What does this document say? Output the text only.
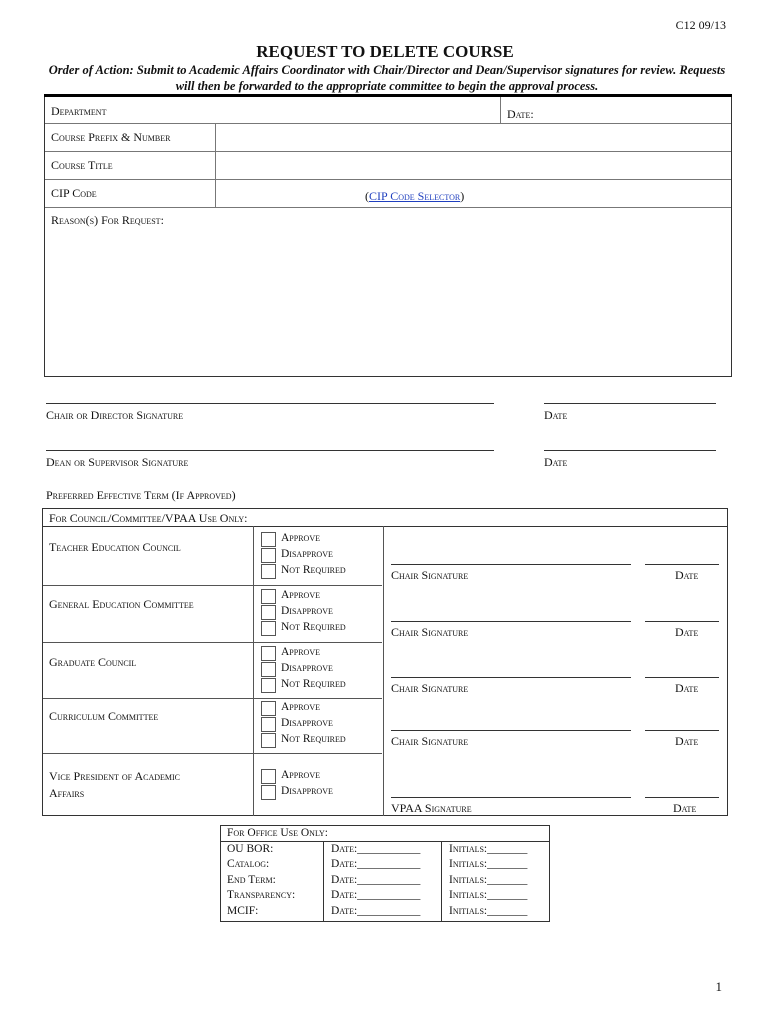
C12 09/13
REQUEST TO DELETE COURSE
Order of Action: Submit to Academic Affairs Coordinator with Chair/Director and Dean/Supervisor signatures for review. Requests will then be forwarded to the appropriate committee to begin the approval process.
Department	Date:
Course Prefix & Number
Course Title
CIP Code	(CIP Code Selector)
Reason(s) For Request:
Chair or Director Signature	Date
Dean or Supervisor Signature	Date
Preferred Effective Term (If Approved)
For Council/Committee/VPAA Use Only:
Teacher Education Council
Approve
Disapprove
Not Required	Chair Signature	Date
General Education Committee
Approve
Disapprove
Not Required	Chair Signature	Date
Graduate Council
Approve
Disapprove
Not Required	Chair Signature	Date
Curriculum Committee
Approve
Disapprove
Not Required	Chair Signature	Date
Vice President of Academic
Affairs
Approve
Disapprove
VPAA Signature	Date
For Office Use Only:
OU BOR:	Date:___________ Initials:_______
Catalog:	Date:___________ Initials:_______
End Term:	Date:___________ Initials:_______
Transparency:	Date:___________ Initials:_______
MCIF:	Date:___________ Initials:_______
1
